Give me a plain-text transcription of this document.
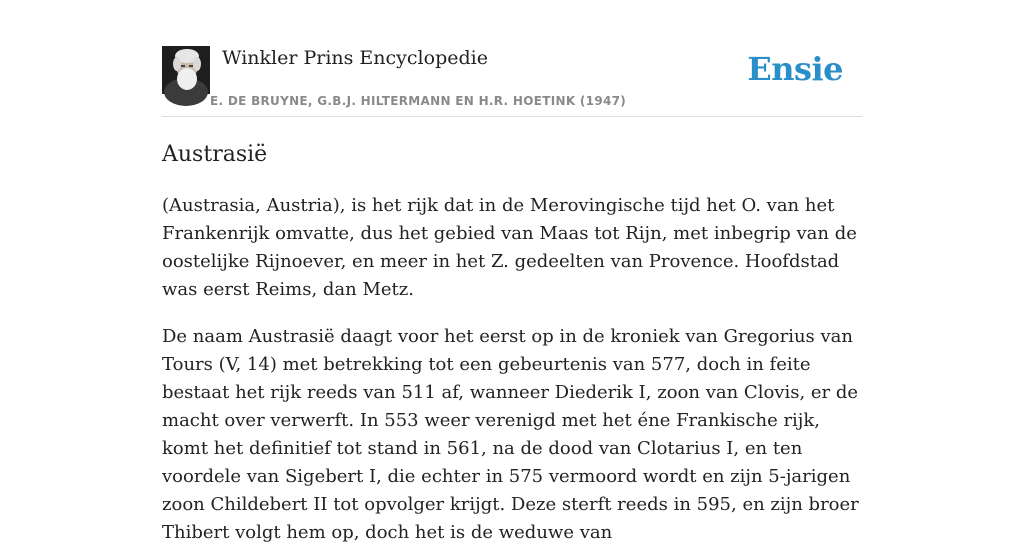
Winkler Prins Encyclopedie
E. DE BRUYNE, G.B.J. HILTERMANN EN H.R. HOETINK (1947)
Ensie
Austrasië

(Austrasia, Austria), is het rijk dat in de Merovingische tijd het O. van het Frankenrijk omvatte, dus het gebied van Maas tot Rijn, met inbegrip van de oostelijke Rijnoever, en meer in het Z. gedeelten van Provence. Hoofdstad was eerst Reims, dan Metz.

De naam Austrasië daagt voor het eerst op in de kroniek van Gregorius van Tours (V, 14) met betrekking tot een gebeurtenis van 577, doch in feite bestaat het rijk reeds van 511 af, wanneer Diederik I, zoon van Clovis, er de macht over verwerft. In 553 weer verenigd met het éne Frankische rijk, komt het definitief tot stand in 561, na de dood van Clotarius I, en ten voordele van Sigebert I, die echter in 575 vermoord wordt en zijn 5-jarigen zoon Childebert II tot opvolger krijgt. Deze sterft reeds in 595, en zijn broer Thibert volgt hem op, doch het is de weduwe van
